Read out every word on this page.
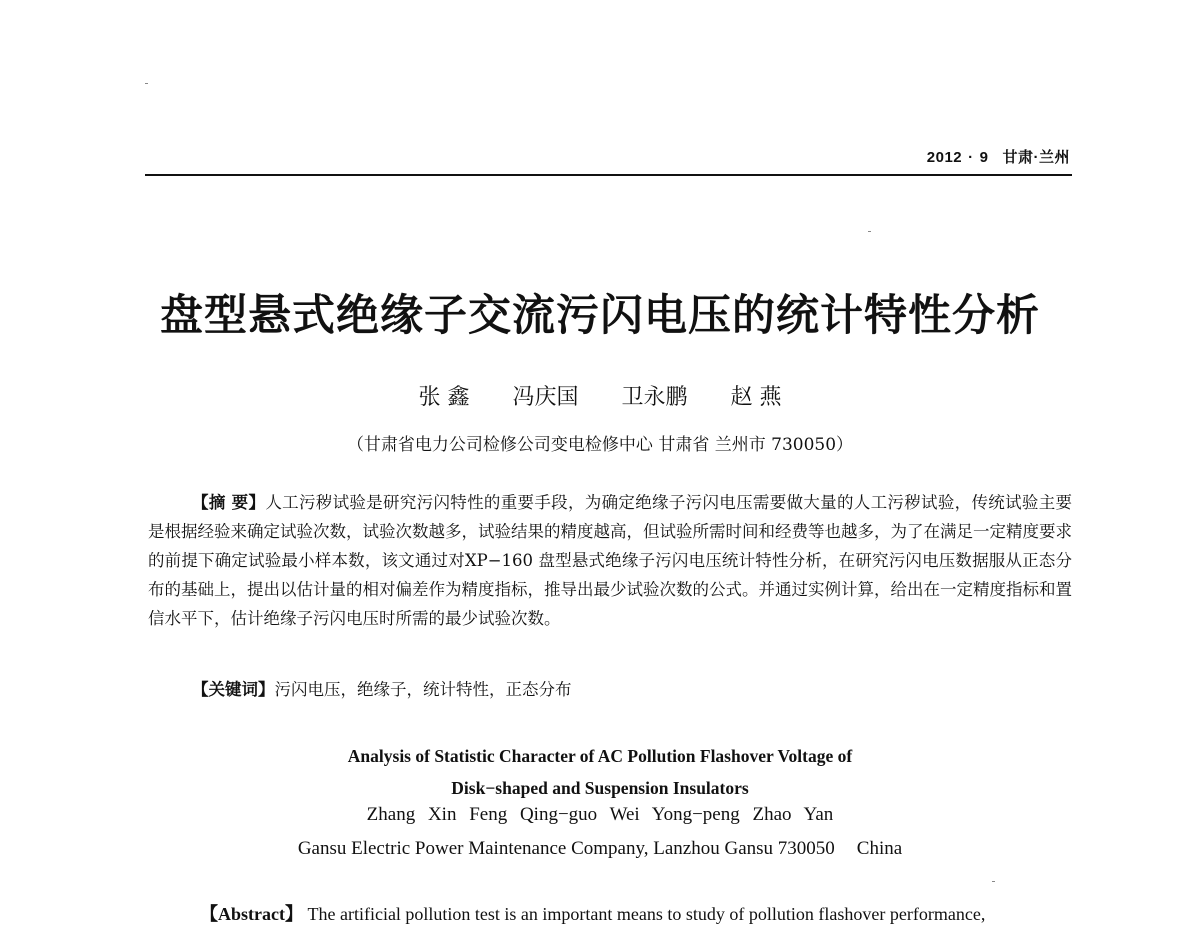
2012 · 9 甘肃·兰州
盘型悬式绝缘子交流污闪电压的统计特性分析
张 鑫 冯庆国 卫永鹏 赵 燕
（甘肃省电力公司检修公司变电检修中心 甘肃省 兰州市 730050）
【摘 要】人工污秽试验是研究污闪特性的重要手段，为确定绝缘子污闪电压需要做大量的人工污秽试验，传统试验主要是根据经验来确定试验次数，试验次数越多，试验结果的精度越高，但试验所需时间和经费等也越多，为了在满足一定精度要求的前提下确定试验最小样本数，该文通过对XP−160 盘型悬式绝缘子污闪电压统计特性分析，在研究污闪电压数据服从正态分布的基础上，提出以估计量的相对偏差作为精度指标，推导出最少试验次数的公式。并通过实例计算，给出在一定精度指标和置信水平下，估计绝缘子污闪电压时所需的最少试验次数。
【关键词】污闪电压，绝缘子，统计特性，正态分布
Analysis of Statistic Character of AC Pollution Flashover Voltage of
Disk−shaped and Suspension Insulators
Zhang Xin Feng Qing−guo Wei Yong−peng Zhao Yan
Gansu Electric Power Maintenance Company, Lanzhou Gansu 730050 China
【Abstract】 The artificial pollution test is an important means to study of pollution flashover performance,
